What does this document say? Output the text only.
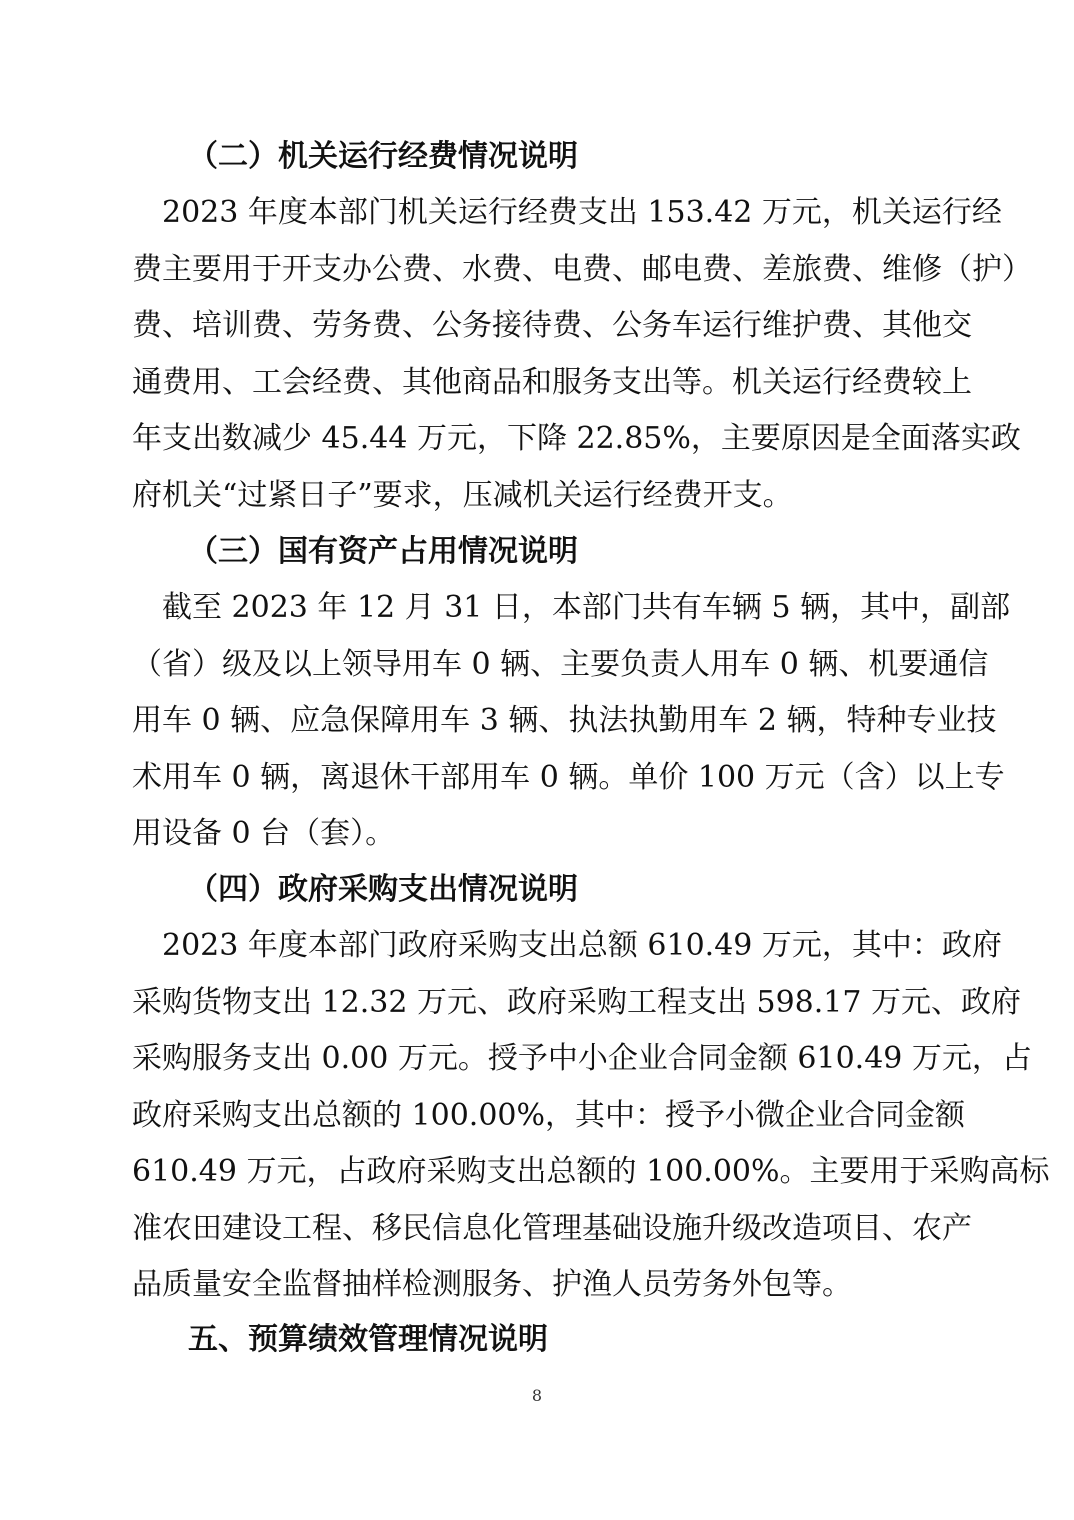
（二）机关运行经费情况说明
　2023 年度本部门机关运行经费支出 153.42 万元，机关运行经
费主要用于开支办公费、水费、电费、邮电费、差旅费、维修（护）
费、培训费、劳务费、公务接待费、公务车运行维护费、其他交
通费用、工会经费、其他商品和服务支出等。机关运行经费较上
年支出数减少 45.44 万元，下降 22.85%，主要原因是全面落实政
府机关“过紧日子”要求，压减机关运行经费开支。
（三）国有资产占用情况说明
　截至 2023 年 12 月 31 日，本部门共有车辆 5 辆，其中，副部
（省）级及以上领导用车 0 辆、主要负责人用车 0 辆、机要通信
用车 0 辆、应急保障用车 3 辆、执法执勤用车 2 辆，特种专业技
术用车 0 辆，离退休干部用车 0 辆。单价 100 万元（含）以上专
用设备 0 台（套）。
（四）政府采购支出情况说明
　2023 年度本部门政府采购支出总额 610.49 万元，其中：政府
采购货物支出 12.32 万元、政府采购工程支出 598.17 万元、政府
采购服务支出 0.00 万元。授予中小企业合同金额 610.49 万元，占
政府采购支出总额的 100.00%，其中：授予小微企业合同金额
610.49 万元，占政府采购支出总额的 100.00%。主要用于采购高标
准农田建设工程、移民信息化管理基础设施升级改造项目、农产
品质量安全监督抽样检测服务、护渔人员劳务外包等。
五、预算绩效管理情况说明
8
